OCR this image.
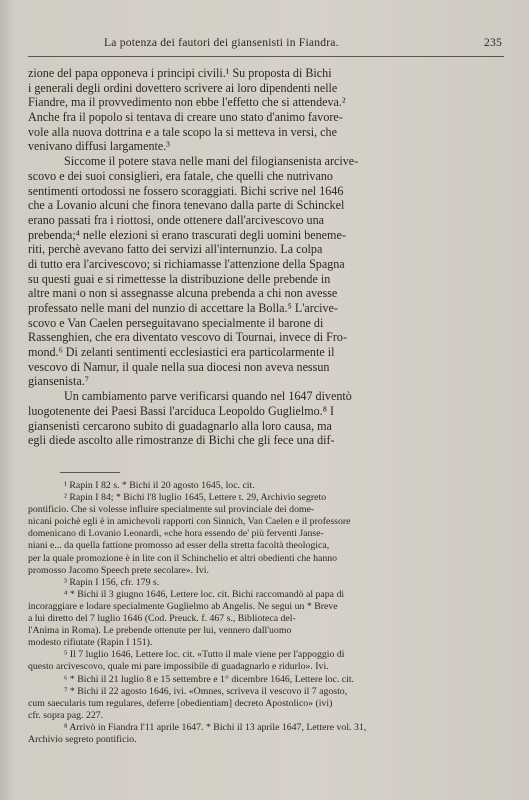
La potenza dei fautori dei giansenisti in Fiandra.	235
zione del papa opponeva i principi civili.¹ Su proposta di Bichi
i generali degli ordini dovettero scrivere ai loro dipendenti nelle
Fiandre, ma il provvedimento non ebbe l'effetto che si attendeva.²
Anche fra il popolo si tentava di creare uno stato d'animo favore-
vole alla nuova dottrina e a tale scopo la si metteva in versi, che
venivano diffusi largamente.³
Siccome il potere stava nelle mani del filogiansenista arcive-
scovo e dei suoi consiglieri, era fatale, che quelli che nutrivano
sentimenti ortodossi ne fossero scoraggiati. Bichi scrive nel 1646
che a Lovanio alcuni che finora tenevano dalla parte di Schinckel
erano passati fra i riottosi, onde ottenere dall'arcivescovo una
prebenda;⁴ nelle elezioni si erano trascurati degli uomini beneme-
riti, perchè avevano fatto dei servizi all'internunzio. La colpa
di tutto era l'arcivescovo; si richiamasse l'attenzione della Spagna
su questi guai e si rimettesse la distribuzione delle prebende in
altre mani o non si assegnasse alcuna prebenda a chi non avesse
professato nelle mani del nunzio di accettare la Bolla.⁵ L'arcive-
scovo e Van Caelen perseguitavano specialmente il barone di
Rassenghien, che era diventato vescovo di Tournai, invece di Fro-
mond.⁶ Di zelanti sentimenti ecclesiastici era particolarmente il
vescovo di Namur, il quale nella sua diocesi non aveva nessun
giansenista.⁷
Un cambiamento parve verificarsi quando nel 1647 diventò
luogotenente dei Paesi Bassi l'arciduca Leopoldo Guglielmo.⁸ I
giansenisti cercarono subito di guadagnarlo alla loro causa, ma
egli diede ascolto alle rimostranze di Bichi che gli fece una dif-
¹ Rapin I 82 s. * Bichi il 20 agosto 1645, loc. cit.
² Rapin I 84; * Bichi l'8 luglio 1645, Lettere t. 29, Archivio segreto
pontificio. Che si volesse influire specialmente sul provinciale dei dome-
nicani poichè egli è in amichevoli rapporti con Sinnich, Van Caelen e il professore
domenicano di Lovanio Leonardi, «che hora essendo de' più ferventi Janse-
niani e... da quella fattione promosso ad esser della stretta facoltà theologica,
per la quale promozione è in lite con il Schinchelio et altri obedienti che hanno
promosso Jacomo Speech prete secolare». Ivi.
³ Rapin I 156, cfr. 179 s.
⁴ * Bichi il 3 giugno 1646, Lettere loc. cit. Bichi raccomandò al papa di
incoraggiare e lodare specialmente Guglielmo ab Angelis. Ne segui un * Breve
a lui diretto del 7 luglio 1646 (Cod. Preuck. f. 467 s., Biblioteca del-
l'Anima in Roma). Le prebende ottenute per lui, vennero dall'uomo
modesto rifiutate (Rapin I 151).
⁵ Il 7 luglio 1646, Lettere loc. cit. «Tutto il male viene per l'appoggio di
questo arcivescovo, quale mi pare impossibile di guadagnarlo e ridurlo». Ivi.
⁶ * Bichi il 21 luglio 8 e 15 settembre e 1° dicembre 1646, Lettere loc. cit.
⁷ * Bichi il 22 agosto 1646, ivi. «Omnes, scriveva il vescovo il 7 agosto,
cum saecularis tum regulares, deferre [obedientiam] decreto Apostolico» (ivi)
cfr. sopra pag. 227.
⁸ Arrivò in Fiandra l'11 aprile 1647. * Bichi il 13 aprile 1647, Lettere vol. 31,
Archivio segreto pontificio.
